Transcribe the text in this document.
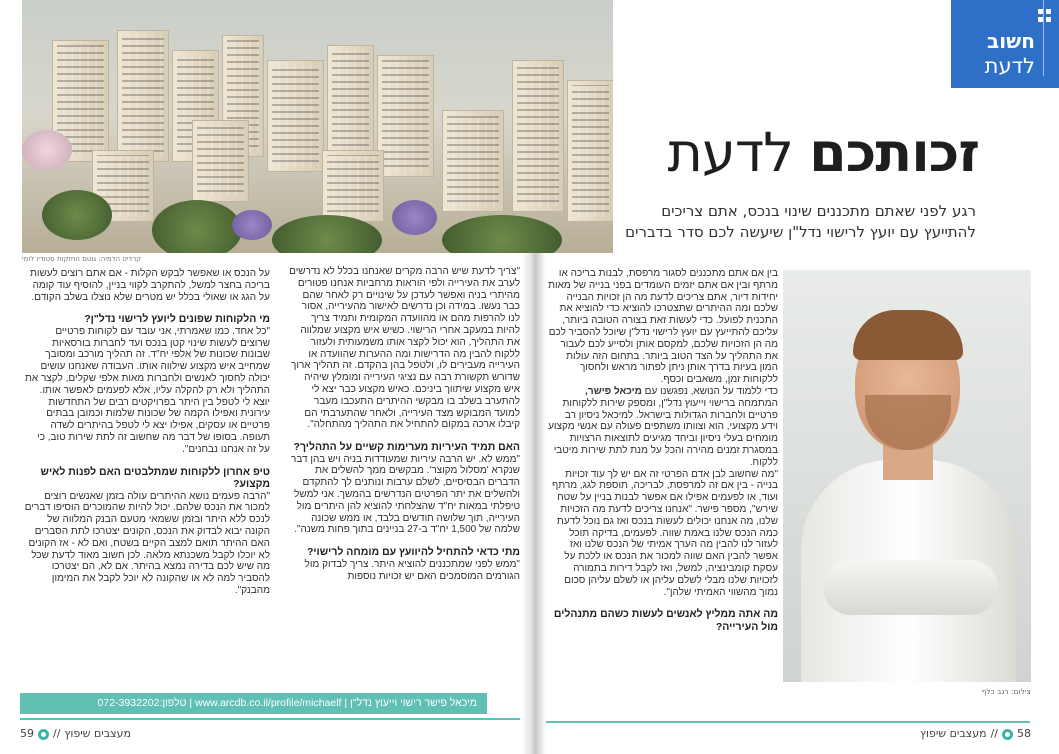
קרדיט הדמיה: גוטם החזקות סטודיו לומי
חשוב
לדעת
זכותכם לדעת
רגע לפני שאתם מתכננים שינוי בנכס, אתם צריכים
להתייעץ עם יועץ לרישוי נדל"ן שיעשה לכם סדר בדברים

בין אם אתם מתכננים לסגור מרפסת, לבנות בריכה או מרתף ובין אם אתם יזמים העומדים בפני בנייה של מאות יחידות דיור, אתם צריכים לדעת מה הן זכויות הבנייה שלכם ומה ההיתרים שתצטרכו להוציא כדי להוציא את התכנית לפועל. כדי לעשות זאת בצורה הטובה ביותר, עליכם להתייעץ עם יועץ לרישוי נדל"ן שיוכל להסביר לכם מה הן הזכויות שלכם, למקסם אותן ולסייע לכם לעבור את התהליך על הצד הטוב ביותר. בתחום הזה עולות המון בעיות בדרך אותן ניתן לפתור מראש ולחסוך ללקוחות זמן, משאבים וכסף.

כדי ללמוד על הנושא, נפגשנו עם מיכאל פישר, המתמחה ברישוי וייעוץ נדל"ן, ומספק שירות ללקוחות פרטיים ולחברות הגדולות בישראל. למיכאל ניסיון רב וידע מקצועי, הוא וצוותו משתפים פעולה עם אנשי מקצוע מומחים בעלי ניסיון וביחד מגיעים לתוצאות הרצויות במסגרת זמנים מהירה והכל על מנת לתת שירות מיטבי ללקוח.

"מה שחשוב לבן אדם הפרטי זה אם יש לך עוד זכויות בנייה - בין אם זה למרפסת, לבריכה, תוספת לגג, מרתף ועוד, או לפעמים אפילו אם אפשר לבנות בניין על שטח שירש", מספר פישר. "אנחנו צריכים לדעת מה הזכויות שלנו, מה אנחנו יכולים לעשות בנכס ואז גם נוכל לדעת כמה הנכס שלנו באמת שווה. לפעמים, בדיקה תוכל לעזור לנו להבין מה הערך אמיתי של הנכס שלנו ואז אפשר להבין האם שווה למכור את הנכס או ללכת על עסקת קומבינציה, למשל, ואז לקבל דירות בתמורה לזכויות שלנו מבלי לשלם עליהן או לשלם עליהן סכום נמוך מהשווי האמיתי שלהן".

מה אתה ממליץ לאנשים לעשות כשהם מתנהלים מול העירייה?
צילום: רגב כלף

"צריך לדעת שיש הרבה מקרים שאנחנו בכלל לא נדרשים לערב את העירייה ולפי הוראות מרחביות אנחנו פטורים מהיתרי בניה ואפשר לעדכן על שינויים רק לאחר שהם כבר נעשו. במידה וכן נדרשים לאישור מהעירייה, אסור לנו להרפות מהם או מהוועדה המקומית ותמיד צריך להיות במעקב אחרי הרישוי. כשיש איש מקצוע שמלווה את התהליך, הוא יכול לקצר אותו משמעותית ולעזור ללקוח להבין מה הדרישות ומה ההערות שהוועדה או העירייה מעבירים לו, ולטפל בהן בהקדם. זה תהליך ארוך שדורש תקשורת רבה עם נציגי העירייה ומומלץ שיהיה איש מקצוע שיתווך ביניכם. כאיש מקצוע כבר יצא לי להתערב בשלב בו מבקשי ההיתרים התעכבו מעבר למועד המבוקש מצד העירייה, ולאחר שהתערבתי הם קיבלו ארכה במקום להתחיל את התהליך מהתחלה".

האם תמיד העיריות מערימות קשיים על התהליך?

"ממש לא. יש הרבה עיריות שמעודדות בניה ויש בהן דבר שנקרא 'מסלול מקוצר'. מבקשים ממך להשלים את הדברים הבסיסיים, לשלם ערבות ונותנים לך להתקדם ולהשלים את יתר הפרטים הנדרשים בהמשך. אני למשל טיפלתי במאות יח"ד שהצלחתי להוציא להן היתרים מול העירייה, תוך שלושה חודשים בלבד, או ממש שכונה שלמה של 1,500 יח"ד ב-27 בניינים בתוך פחות משנה".

מתי כדאי להתחיל להיוועץ עם מומחה לרישוי?

"ממש לפני שמתכננים להוציא היתר. צריך לבדוק מול הגורמים המוסמכים האם יש זכויות נוספות

על הנכס או שאפשר לבקש הקלות - אם אתם רוצים לעשות בריכה בחצר למשל, להתקרב לקווי בניין, להוסיף עוד קומה על הגג או שאולי בכלל יש מטרים שלא נוצלו בשלב הקודם.

מי הלקוחות שפונים ליועץ לרישוי נדל"ן?

"כל אחד. כמו שאמרתי, אני עובד עם לקוחות פרטיים שרוצים לעשות שינוי קטן בנכס ועד לחברות בורסאיות שבונות שכונות של אלפי יח"ד. זה תהליך מורכב ומסובך שמחייב איש מקצוע שילווה אותו. העבודה שאנחנו עושים יכולה לחסוך לאנשים ולחברות מאות אלפי שקלים, לקצר את התהליך ולא רק להקלה עליו, אלא לפעמים לאפשר אותו. יוצא לי לטפל בין היתר בפרויקטים רבים של התחדשות עירונית ואפילו הקמה של שכונות שלמות וכמובן בבתים פרטיים או עסקים, אפילו יצא לי לטפל בהיתרים לשדה תעופה. בסופו של דבר מה שחשוב זה לתת שירות טוב, כי על זה אנחנו נבחנים".

טיפ אחרון ללקוחות שמתלבטים האם לפנות לאיש מקצוע?

"הרבה פעמים נושא ההיתרים עולה בזמן שאנשים רוצים למכור את הנכס שלהם. יכול להיות שהמוכרים הוסיפו דברים לנכס ללא היתר ובזמן ששמאי מטעם הבנק המלווה של הקונה יבוא לבדוק את הנכס, הקונים יצטרכו לתת הסברים האם ההיתר תואם למצב הקיים בשטח, ואם לא - אז הקונים לא יוכלו לקבל משכנתא מלאה. לכן חשוב מאוד לדעת שכל מה שיש לכם בדירה נמצא בהיתר. אם לא, הם יצטרכו להסביר למה לא או שהקונה לא יוכל לקבל את המימון מהבנק".

מיכאל פישר רישוי וייעוץ נדל"ן | טלפון:072-3932202	| www.arcdb.co.il/profile/michaelf
59 // מעצבים שיפוץ	מעצבים שיפוץ // 58
